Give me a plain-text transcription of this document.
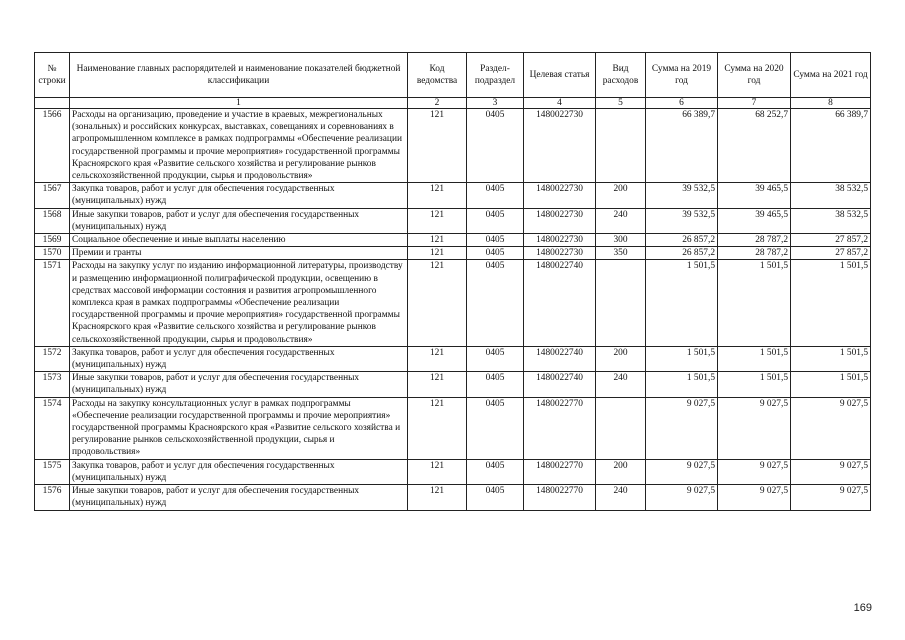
№ строки	Наименование главных распорядителей и наименование показателей бюджетной классификации	Код ведомства	Раздел-подраздел	Целевая статья	Вид расходов	Сумма на 2019 год	Сумма на 2020 год	Сумма на 2021 год
	1	2	3	4	5	6	7	8
1566	Расходы на организацию, проведение и участие в краевых, межрегиональных (зональных) и российских конкурсах, выставках, совещаниях и соревнованиях в агропромышленном комплексе в рамках подпрограммы «Обеспечение реализации государственной программы и прочие мероприятия» государственной программы Красноярского края «Развитие сельского хозяйства и регулирование рынков сельскохозяйственной продукции, сырья и продовольствия»	121	0405	1480022730		66 389,7	68 252,7	66 389,7
1567	Закупка товаров, работ и услуг для обеспечения государственных (муниципальных) нужд	121	0405	1480022730	200	39 532,5	39 465,5	38 532,5
1568	Иные закупки товаров, работ и услуг для обеспечения государственных (муниципальных) нужд	121	0405	1480022730	240	39 532,5	39 465,5	38 532,5
1569	Социальное обеспечение и иные выплаты населению	121	0405	1480022730	300	26 857,2	28 787,2	27 857,2
1570	Премии и гранты	121	0405	1480022730	350	26 857,2	28 787,2	27 857,2
1571	Расходы на закупку услуг по изданию информационной литературы, производству и размещению информационной полиграфической продукции, освещению в средствах массовой информации состояния и развития агропромышленного комплекса края в рамках подпрограммы «Обеспечение реализации государственной программы и прочие мероприятия» государственной программы Красноярского края «Развитие сельского хозяйства и регулирование рынков сельскохозяйственной продукции, сырья и продовольствия»	121	0405	1480022740		1 501,5	1 501,5	1 501,5
1572	Закупка товаров, работ и услуг для обеспечения государственных (муниципальных) нужд	121	0405	1480022740	200	1 501,5	1 501,5	1 501,5
1573	Иные закупки товаров, работ и услуг для обеспечения государственных (муниципальных) нужд	121	0405	1480022740	240	1 501,5	1 501,5	1 501,5
1574	Расходы на закупку консультационных услуг в рамках подпрограммы «Обеспечение реализации государственной программы и прочие мероприятия» государственной программы Красноярского края «Развитие сельского хозяйства и регулирование рынков сельскохозяйственной продукции, сырья и продовольствия»	121	0405	1480022770		9 027,5	9 027,5	9 027,5
1575	Закупка товаров, работ и услуг для обеспечения государственных (муниципальных) нужд	121	0405	1480022770	200	9 027,5	9 027,5	9 027,5
1576	Иные закупки товаров, работ и услуг для обеспечения государственных (муниципальных) нужд	121	0405	1480022770	240	9 027,5	9 027,5	9 027,5
169
